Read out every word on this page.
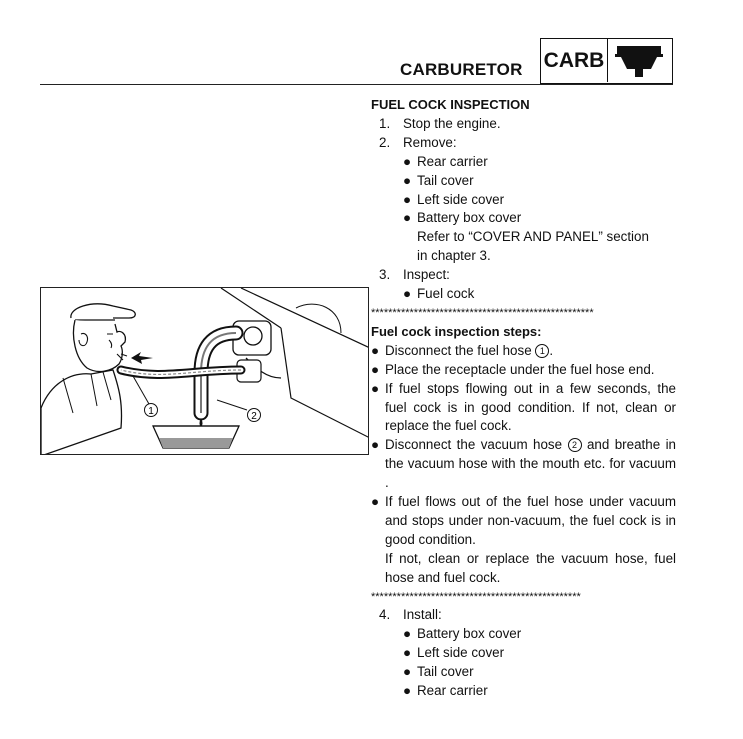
CARBURETOR CARB
1	2
FUEL COCK INSPECTION
1. Stop the engine.
2. Remove:
● Rear carrier
● Tail cover
● Left side cover
● Battery box cover
Refer to “COVER AND PANEL” section
in chapter 3.
3. Inspect:
● Fuel cock
****************************************************
Fuel cock inspection steps:
● Disconnect the fuel hose 1 .
● Place the receptacle under the fuel hose end.
● If fuel stops flowing out in a few seconds, the fuel cock is in good condition. If not, clean or replace the fuel cock.
● Disconnect the vacuum hose 2 and breathe in the vacuum hose with the mouth etc. for vacuum .
● If fuel flows out of the fuel hose under vacuum and stops under non-vacuum, the fuel cock is in good condition.
If not, clean or replace the vacuum hose, fuel hose and fuel cock.
*************************************************
4. Install:
● Battery box cover
● Left side cover
● Tail cover
● Rear carrier
